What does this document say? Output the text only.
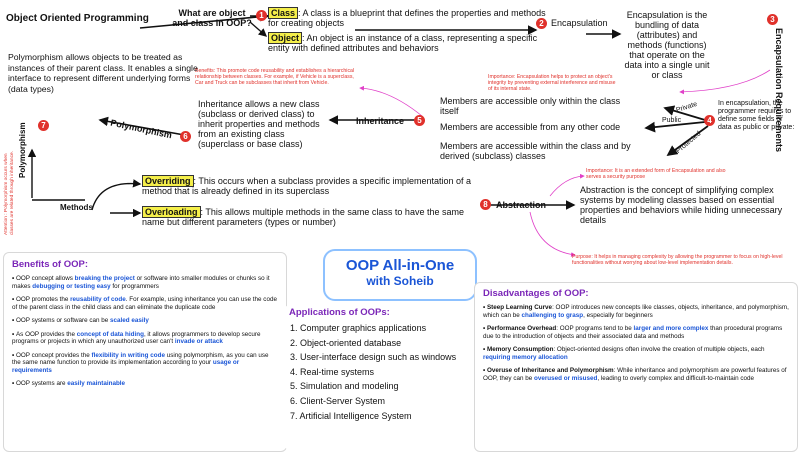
Object Oriented Programming	1
What are object and class in OOP?
Class : A class is a blueprint that defines the properties and methods for creating objects
Object : An object is an instance of a class, representing a specific entity with defined attributes and behaviors
2 Encapsulation
Encapsulation is the bundling of data (attributes) and methods (functions) that operate on the data into a single unit or class
3
Encapsulation Requirements
Importance: Encapsulation helps to protect an object's integrity by preventing external interference and misuse of its internal state.
Members are accessible only within the class itself
Members are accessible from any other code
Members are accessible within the class and by derived (subclass) classes
Private
Public
Protected
4
In encapsulation, the programmer requires to define some fields or data as public or private:
5
Inheritance
Inheritance allows a new class (subclass or derived class) to inherit properties and methods from an existing class (superclass or base class)
Benefits: This promote code reusability and establishes a hierarchical relationship between classes. For example, if Vehicle is a superclass, Car and Truck can be subclasses that inherit from Vehicle.
Polymorphism allows objects to be treated as instances of their parent class. It enables a single interface to represent different underlying forms (data types)
Polymorphism	6
7
Polymorphism
Methods
Attention : Polymorphism occurs when classes are related through inheritance.	Overriding : This occurs when a subclass provides a specific implementation of a method that is already defined in its superclass
Overloading : This allows multiple methods in the same class to have the same name but different parameters (types or number)
8 Abstraction
Importance: It is an extended form of Encapsulation and also serves a security purpose
Abstraction is the concept of simplifying complex systems by modeling classes based on essential properties and behaviors while hiding unnecessary details
Purpose: It helps in managing complexity by allowing the programmer to focus on high-level functionalities without worrying about low-level implementation details.
OOP All-in-One
with Soheib
Benefits of OOP:

• OOP concept allows breaking the project or software into smaller modules or chunks so it makes debugging or testing easy for programmers

• OOP promotes the reusability of code. For example, using inheritance you can use the code of the parent class in the child class and can eliminate the duplicate code

• OOP systems or software can be scaled easily

• As OOP provides the concept of data hiding, it allows programmers to develop secure programs or projects in which any unauthorized user can't invade or attack

• OOP concept provides the flexibility in writing code using polymorphism, as you can use the same name function to provide its implementation according to your usage or requirements

• OOP systems are easily maintainable

Applications of OOPs:
1. Computer graphics applications
2. Object-oriented database
3. User-interface design such as windows
4. Real-time systems
5. Simulation and modeling
6. Client-Server System
7. Artificial Intelligence System
Disadvantages of OOP:

• Steep Learning Curve: OOP introduces new concepts like classes, objects, inheritance, and polymorphism, which can be challenging to grasp, especially for beginners

• Performance Overhead: OOP programs tend to be larger and more complex than procedural programs due to the introduction of objects and their associated data and methods

• Memory Consumption: Object-oriented designs often involve the creation of multiple objects, each requiring memory allocation

• Overuse of Inheritance and Polymorphism: While inheritance and polymorphism are powerful features of OOP, they can be overused or misused, leading to overly complex and difficult-to-maintain code
